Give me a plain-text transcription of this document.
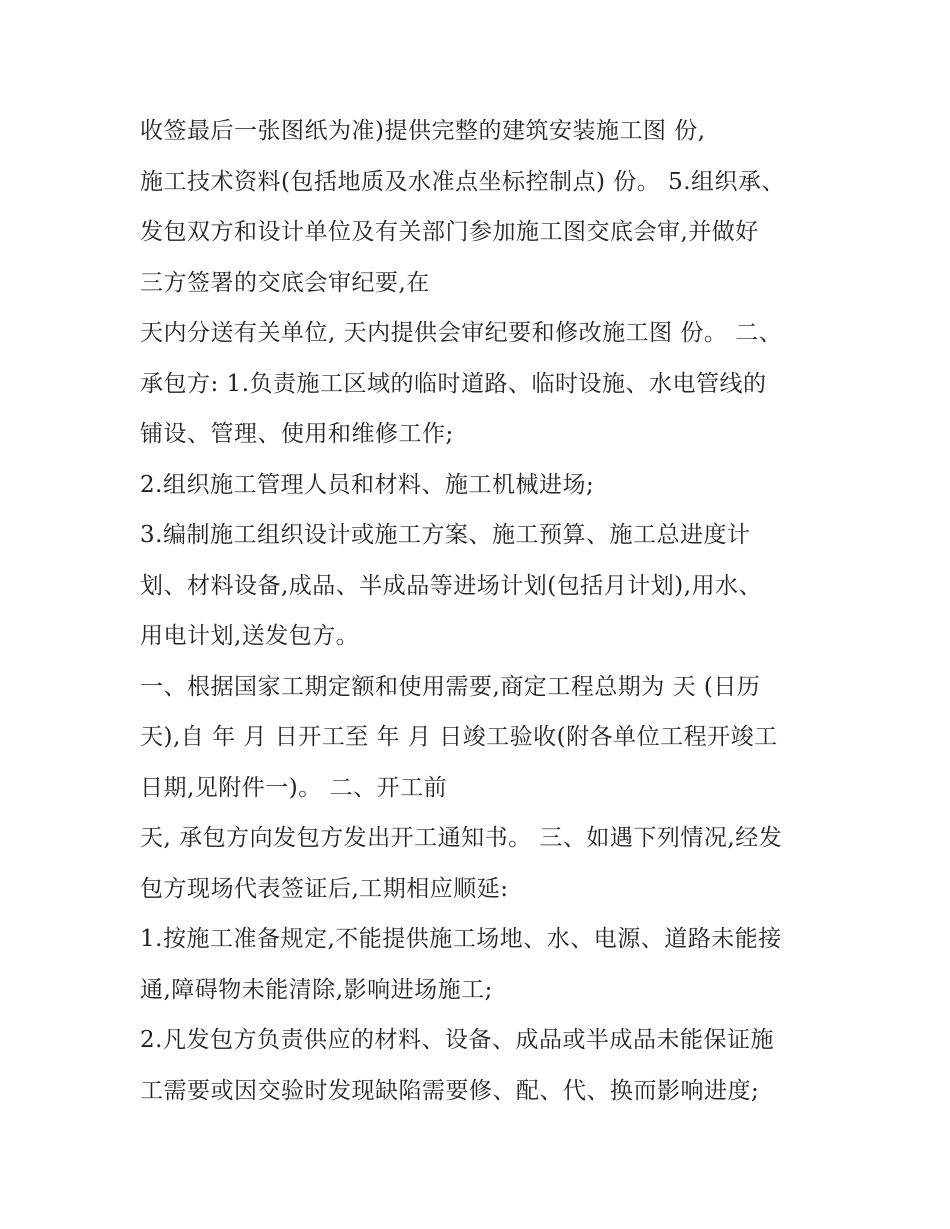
收签最后一张图纸为准)提供完整的建筑安装施工图 份,
施工技术资料(包括地质及水准点坐标控制点) 份。 5.组织承、
发包双方和设计单位及有关部门参加施工图交底会审,并做好
三方签署的交底会审纪要,在
天内分送有关单位, 天内提供会审纪要和修改施工图 份。 二、
承包方: 1.负责施工区域的临时道路、临时设施、水电管线的
铺设、管理、使用和维修工作;
2.组织施工管理人员和材料、施工机械进场;
3.编制施工组织设计或施工方案、施工预算、施工总进度计
划、材料设备,成品、半成品等进场计划(包括月计划),用水、
用电计划,送发包方。
一、根据国家工期定额和使用需要,商定工程总期为 天 (日历
天),自 年 月 日开工至 年 月 日竣工验收(附各单位工程开竣工
日期,见附件一)。 二、开工前
天, 承包方向发包方发出开工通知书。 三、如遇下列情况,经发
包方现场代表签证后,工期相应顺延:
1.按施工准备规定,不能提供施工场地、水、电源、道路未能接
通,障碍物未能清除,影响进场施工;
2.凡发包方负责供应的材料、设备、成品或半成品未能保证施
工需要或因交验时发现缺陷需要修、配、代、换而影响进度;
